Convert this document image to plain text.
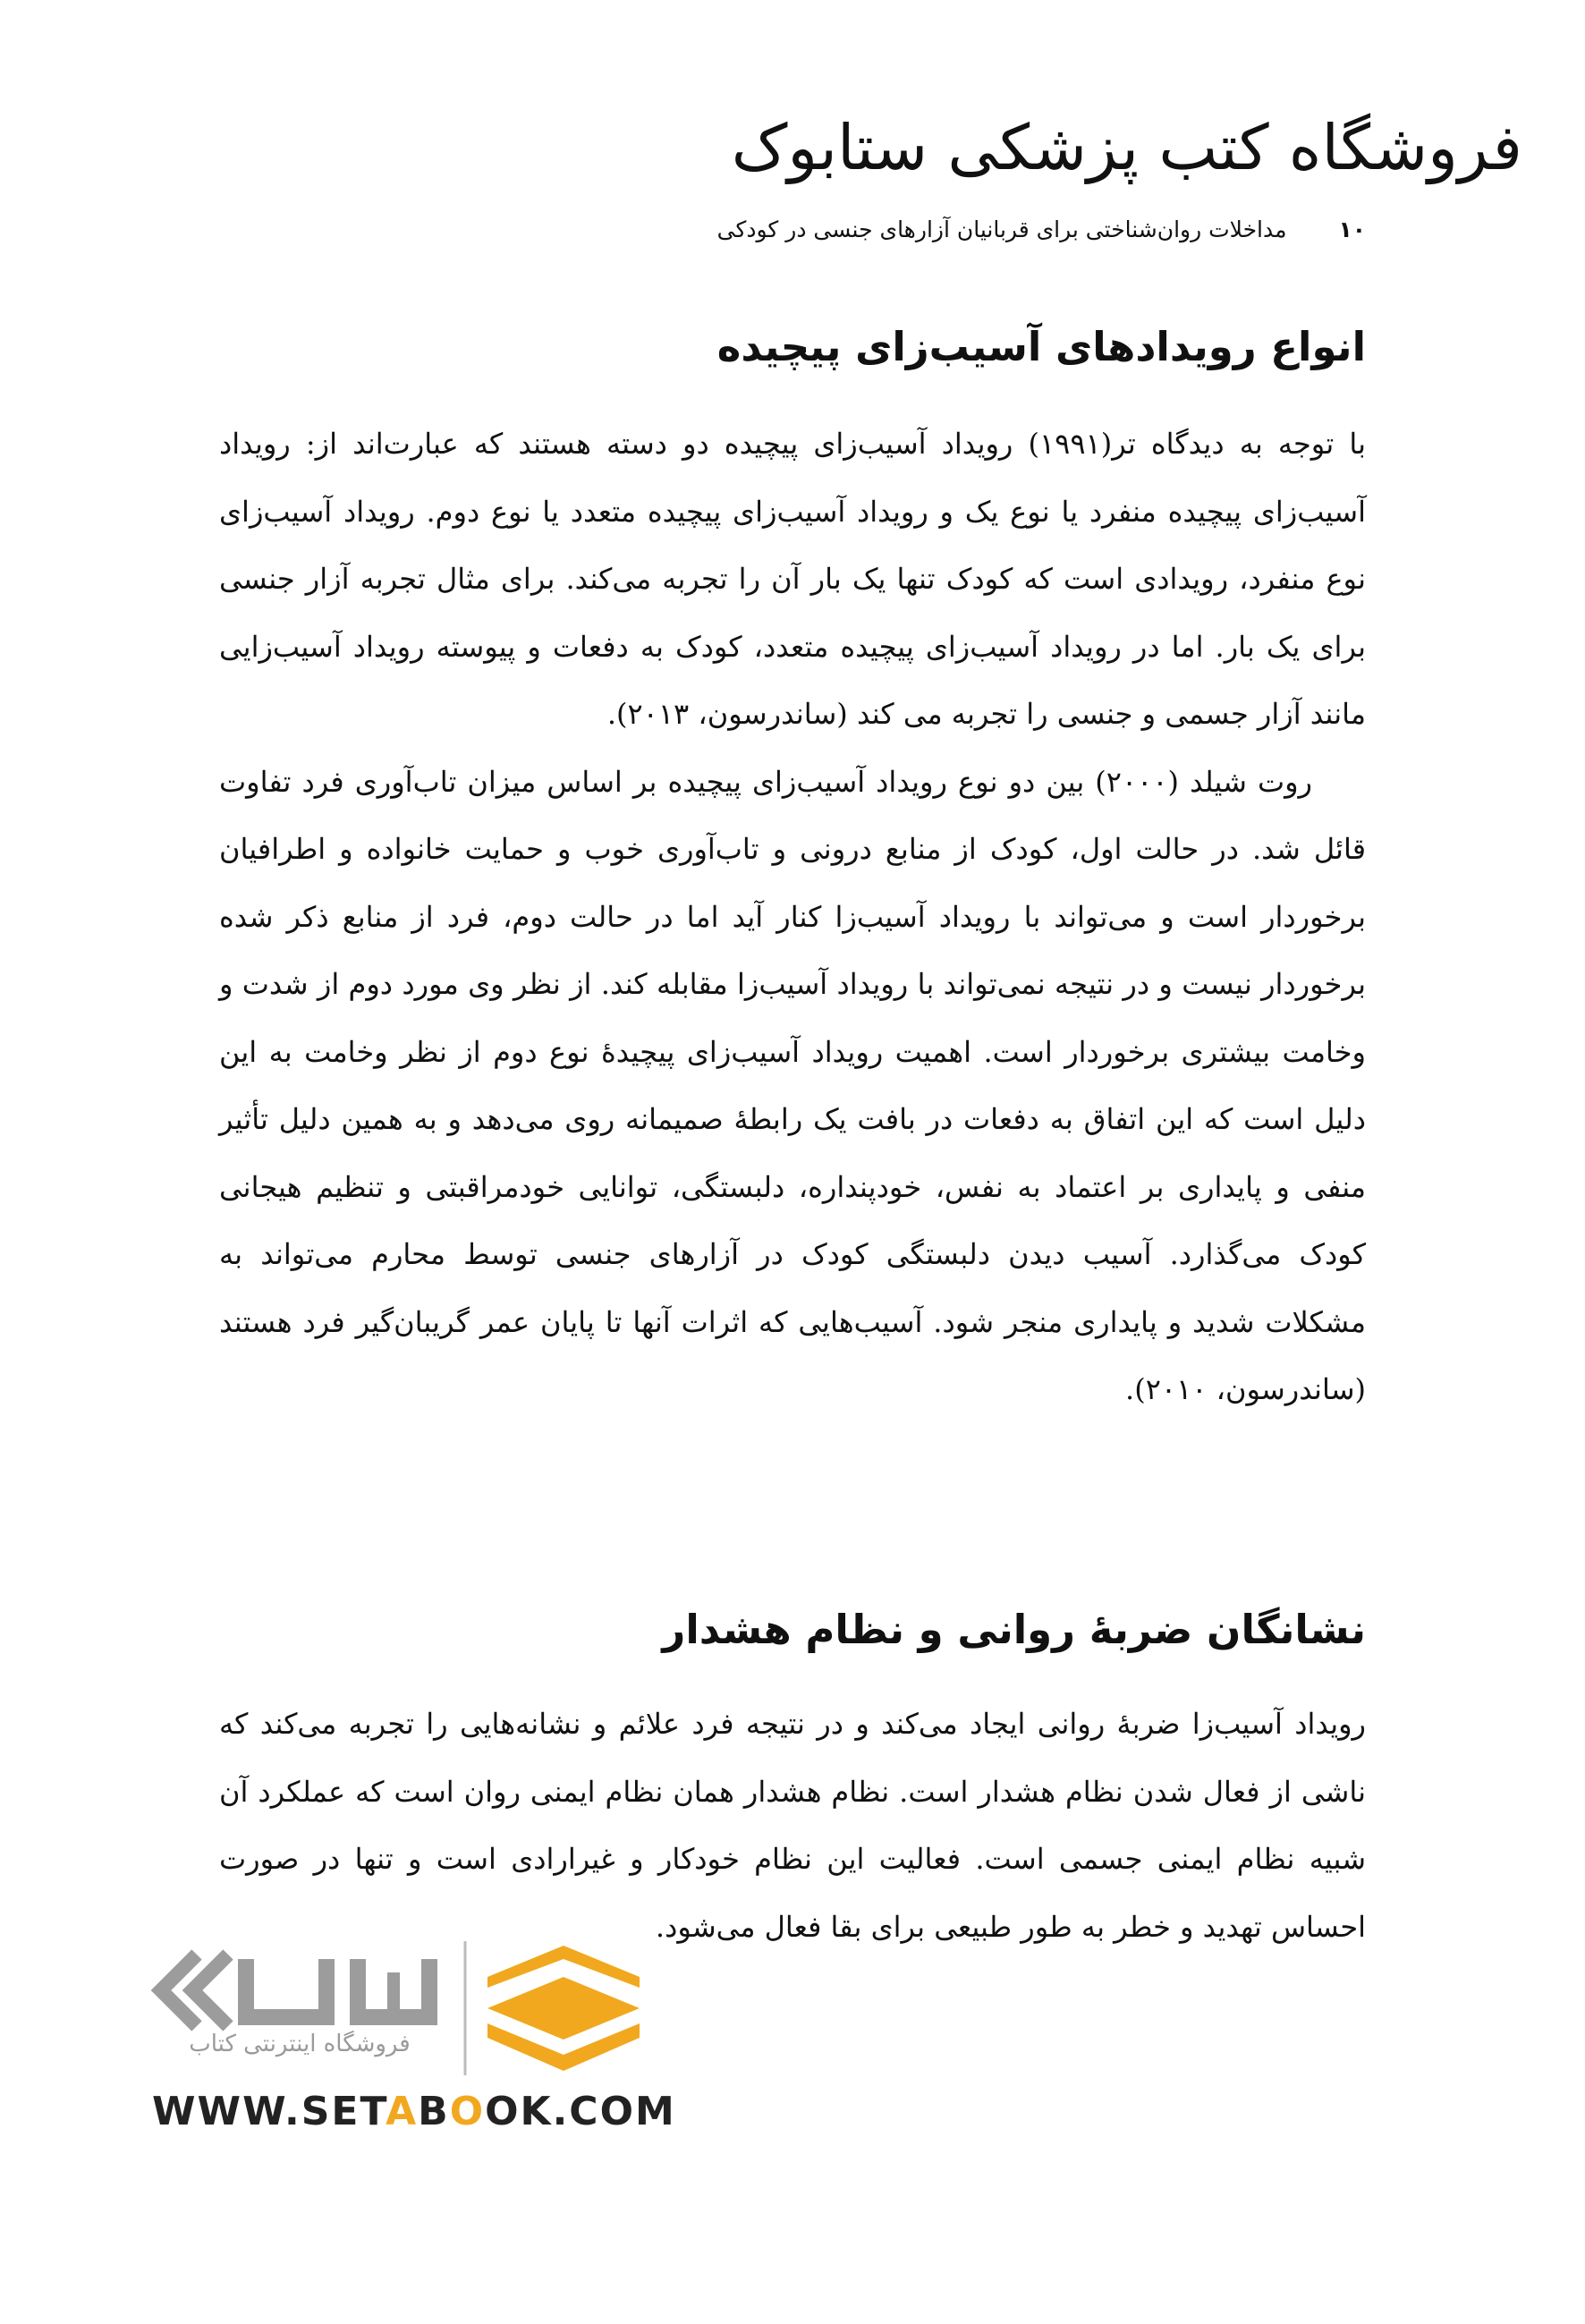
فروشگاه کتب پزشکی ستابوک
۱۰ مداخلات روان‌شناختی برای قربانیان آزارهای جنسی در کودکی
انواع رویدادهای آسیب‌زای پیچیده

با توجه به دیدگاه تر(۱۹۹۱) رویداد آسیب‌زای پیچیده دو دسته هستند که عبارت‌اند از: رویداد آسیب‌زای پیچیده منفرد یا نوع یک و رویداد آسیب‌زای پیچیده متعدد یا نوع دوم. رویداد آسیب‌زای نوع منفرد، رویدادی است که کودک تنها یک بار آن را تجربه می‌کند. برای مثال تجربه آزار جنسی برای یک بار. اما در رویداد آسیب‌زای پیچیده متعدد، کودک به دفعات و پیوسته رویداد آسیب‌زایی مانند آزار جسمی و جنسی را تجربه می کند (ساندرسون، ۲۰۱۳).

روت شیلد (۲۰۰۰) بین دو نوع رویداد آسیب‌زای پیچیده بر اساس میزان تاب‌آوری فرد تفاوت قائل شد. در حالت اول، کودک از منابع درونی و تاب‌آوری خوب و حمایت خانواده و اطرافیان برخوردار است و می‌تواند با رویداد آسیب‌زا کنار آید اما در حالت دوم، فرد از منابع ذکر شده برخوردار نیست و در نتیجه نمی‌تواند با رویداد آسیب‌زا مقابله کند. از نظر وی مورد دوم از شدت و وخامت بیشتری برخوردار است. اهمیت رویداد آسیب‌زای پیچیدهٔ نوع دوم از نظر وخامت به این دلیل است که این اتفاق به دفعات در بافت یک رابطهٔ صمیمانه روی می‌دهد و به همین دلیل تأثیر منفی و پایداری بر اعتماد به نفس، خودپنداره، دلبستگی، توانایی خودمراقبتی و تنظیم هیجانی کودک می‌گذارد. آسیب دیدن دلبستگی کودک در آزارهای جنسی توسط محارم می‌تواند به مشکلات شدید و پایداری منجر شود. آسیب‌هایی که اثرات آنها تا پایان عمر گریبان‌گیر فرد هستند (ساندرسون، ۲۰۱۰).

نشانگان ضربهٔ روانی و نظام هشدار

رویداد آسیب‌زا ضربهٔ روانی ایجاد می‌کند و در نتیجه فرد علائم و نشانه‌هایی را تجربه می‌کند که ناشی از فعال شدن نظام هشدار است. نظام هشدار همان نظام ایمنی روان است که عملکرد آن شبیه نظام ایمنی جسمی است. فعالیت این نظام خودکار و غیرارادی است و تنها در صورت احساس تهدید و خطر به طور طبیعی برای بقا فعال می‌شود.

فروشگاه اینترنتی کتاب
WWW.SETABOOK.COM
